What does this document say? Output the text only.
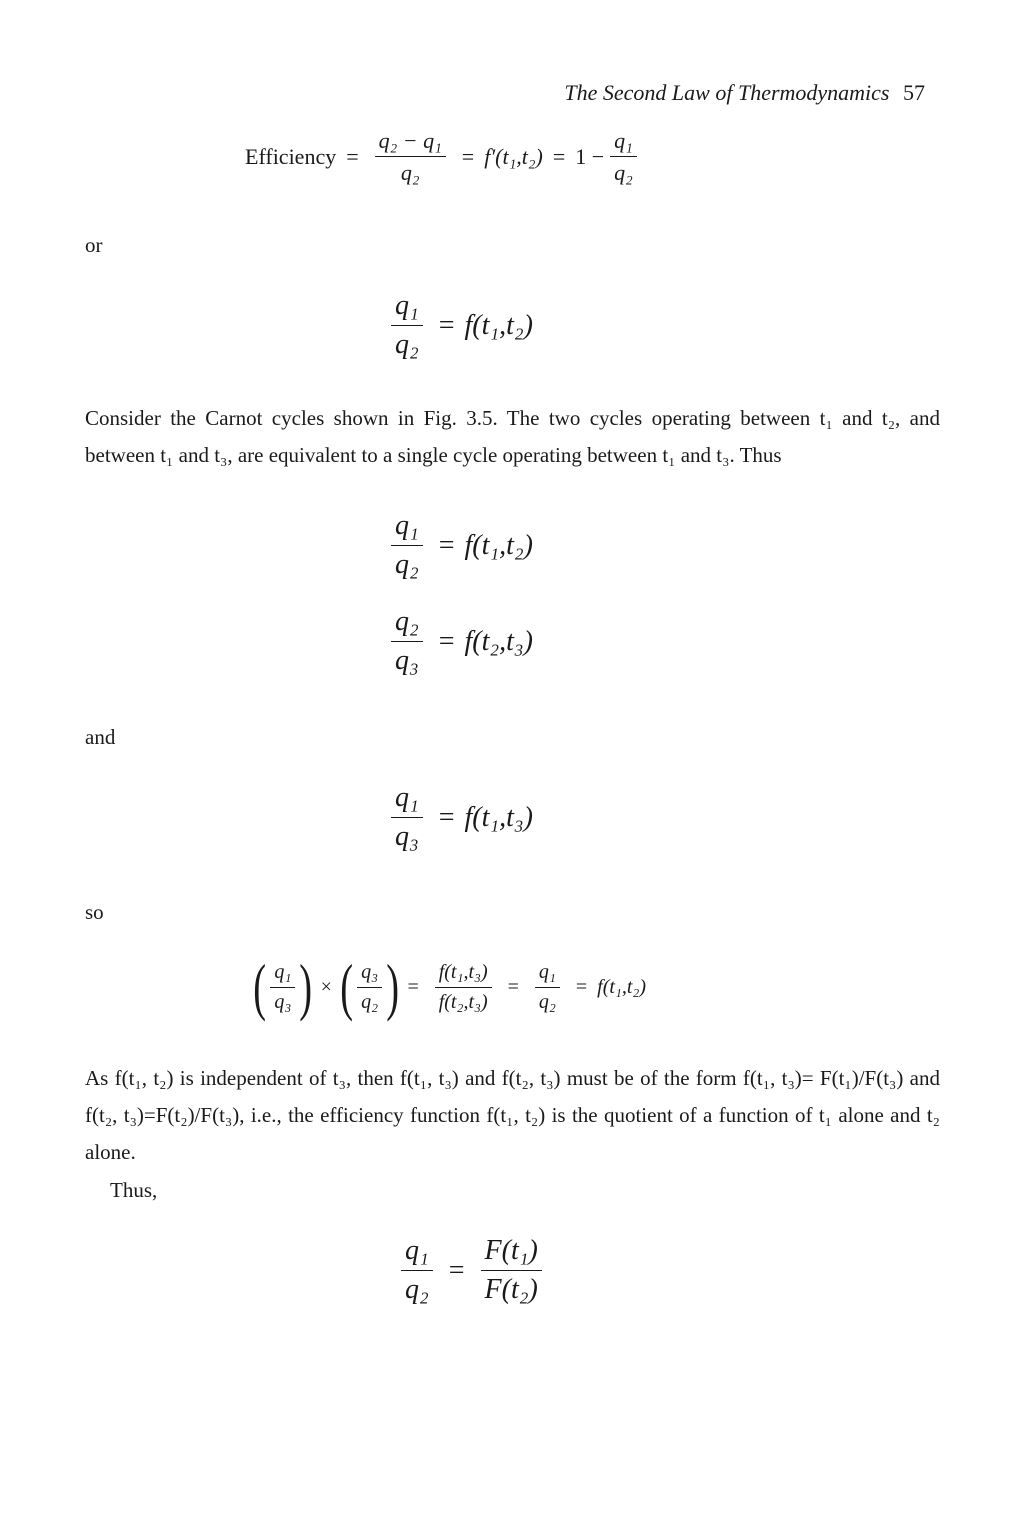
The Second Law of Thermodynamics 57
Efficiency = $\frac{\text{q₂ − q₁}}{\text{q₂}} = f'(t_1,t_2) = 1 - \frac{\text{q₁}}{\text{q₂}}$
or
$\frac{\text{q₁}}{\text{q₂}} = f(t_1,t_2)$
Consider the Carnot cycles shown in Fig. 3.5. The two cycles operating between t₁ and t₂, and between t₁ and t₃, are equivalent to a single cycle operating between t₁ and t₃. Thus
$\frac{\text{q₁}}{\text{q₂}} = f(t_1,t_2)$
$\frac{\text{q₂}}{\text{q₃}} = f(t_2,t_3)$
and
$\frac{\text{q₁}}{\text{q₃}} = f(t_1,t_3)$
so
( $\frac{\text{q₁}}{\text{q₃}}$ ) × ( $\frac{\text{q₃}}{\text{q₂}}$ ) = $\frac{\text{f(t₁,t₃)}}{\text{f(t₂,t₃)}} = \frac{\text{q₁}}{\text{q₂}} = f(t_1,t_2)$
As f(t₁, t₂) is independent of t₃, then f(t₁, t₃) and f(t₂, t₃) must be of the form f(t₁, t₃)= F(t₁)/F(t₃) and f(t₂, t₃)=F(t₂)/F(t₃), i.e., the efficiency function f(t₁, t₂) is the quotient of a function of t₁ alone and t₂ alone.
Thus,
$\frac{\text{q₁}}{\text{q₂}} = \frac{\text{F(t₁)}}{\text{F(t₂)}}$
